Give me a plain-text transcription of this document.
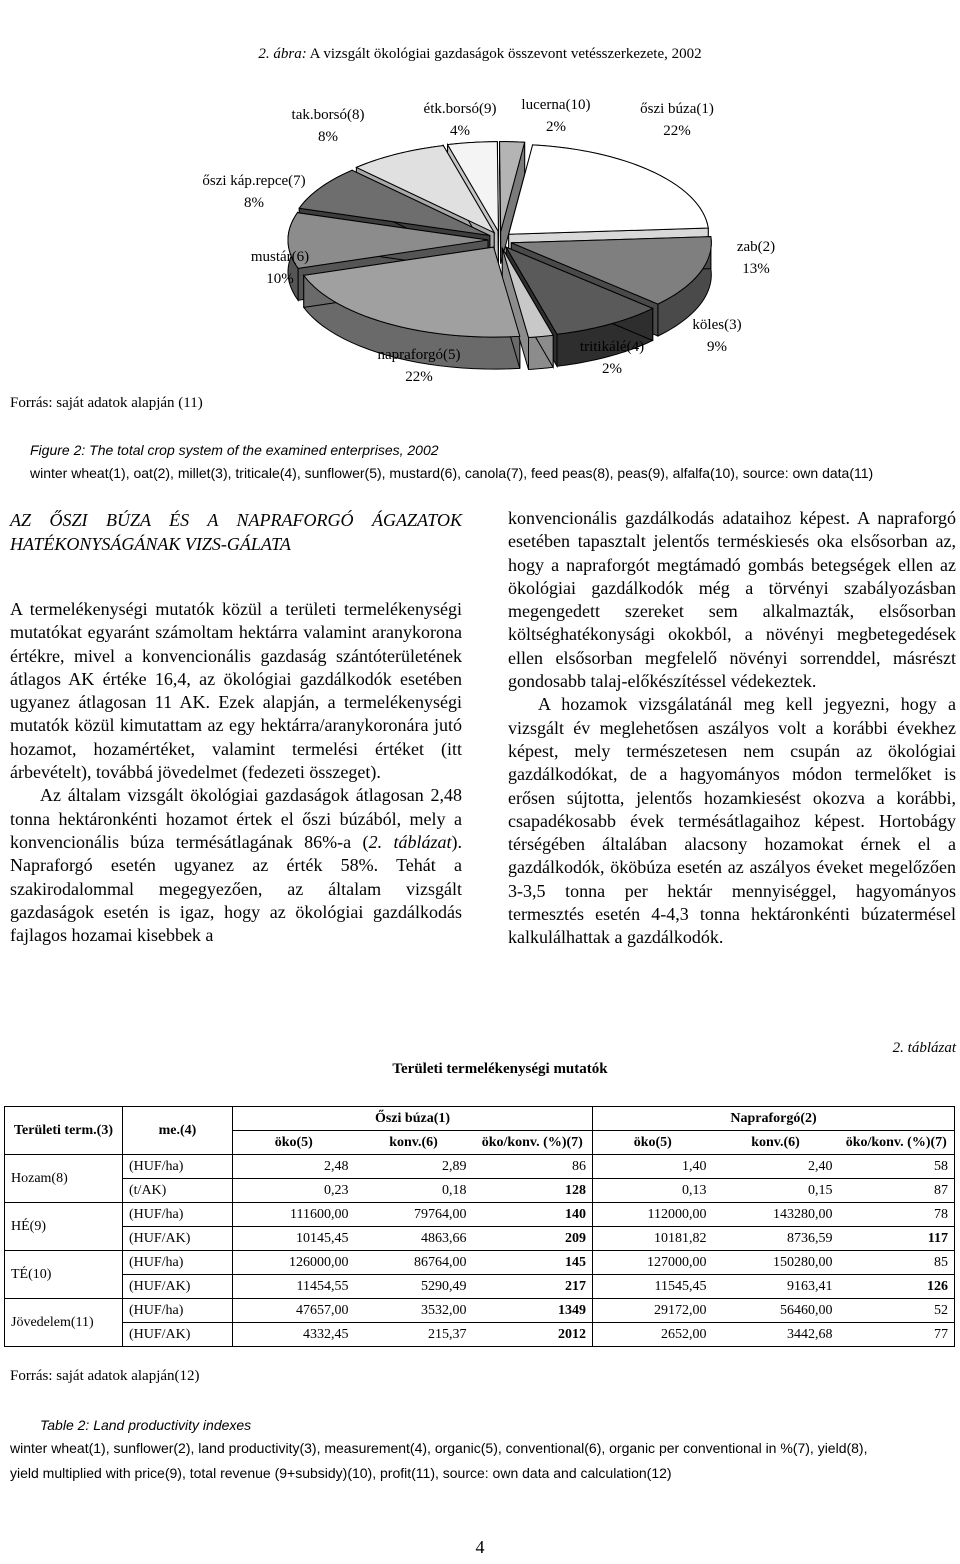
2. ábra: A vizsgált ökológiai gazdaságok összevont vetésszerkezete, 2002
tak.borsó(8)
8%
étk.borsó(9)
4%
lucerna(10)
2%
őszi búza(1)
22%
őszi káp.repce(7)
8%
mustár(6)
10%
zab(2)
13%
köles(3)
9%
napraforgó(5)
22%
tritikálé(4)
2%
Forrás: saját adatok alapján (11)
Figure 2: The total crop system of the examined enterprises, 2002
winter wheat(1), oat(2), millet(3), triticale(4), sunflower(5), mustard(6), canola(7), feed peas(8), peas(9), alfalfa(10), source: own data(11)
AZ ŐSZI BÚZA ÉS A NAPRAFORGÓ ÁGAZATOK HATÉKONYSÁGÁNAK VIZS-GÁLATA

A termelékenységi mutatók közül a területi termelékenységi mutatókat egyaránt számoltam hektárra valamint aranykorona értékre, mivel a konvencionális gazdaság szántóterületének átlagos AK értéke 16,4, az ökológiai gazdálkodók esetében ugyanez átlagosan 11 AK. Ezek alapján, a termelékenységi mutatók közül kimutattam az egy hektárra/aranykoronára jutó hozamot, hozamértéket, valamint termelési értéket (itt árbevételt), továbbá jövedelmet (fedezeti összeget).

Az általam vizsgált ökológiai gazdaságok átlagosan 2,48 tonna hektáronkénti hozamot értek el őszi búzából, mely a konvencionális búza termésátlagának 86%-a (2. táblázat). Napraforgó esetén ugyanez az érték 58%. Tehát a szakirodalommal megegyezően, az általam vizsgált gazdaságok esetén is igaz, hogy az ökológiai gazdálkodás fajlagos hozamai kisebbek a

konvencionális gazdálkodás adataihoz képest. A napraforgó esetében tapasztalt jelentős terméskiesés oka elsősorban az, hogy a napraforgót megtámadó gombás betegségek ellen az ökológiai gazdálkodók még a törvényi szabályozásban megengedett szereket sem alkalmazták, elsősorban költséghatékonysági okokból, a növényi megbetegedések ellen elsősorban megfelelő növényi sorrenddel, másrészt gondosabb talaj-előkészítéssel védekeztek.

A hozamok vizsgálatánál meg kell jegyezni, hogy a vizsgált év meglehetősen aszályos volt a korábbi évekhez képest, mely természetesen nem csupán az ökológiai gazdálkodókat, de a hagyományos módon termelőket is erősen sújtotta, jelentős hozamkiesést okozva a korábbi, csapadékosabb évek termésátlagaihoz képest. Hortobágy térségében általában alacsony hozamokat érnek el a gazdálkodók, ököbúza esetén az aszályos éveket megelőzően 3-3,5 tonna per hektár mennyiséggel, hagyományos termesztés esetén 4-4,3 tonna hektáronkénti búzatermésel kalkulálhattak a gazdálkodók.

2. táblázat
Területi termelékenységi mutatók
Területi term.(3)	me.(4)	Őszi búza(1)			Napraforgó(2)		
		öko(5)	konv.(6)	öko/konv. (%)(7)	öko(5)	konv.(6)	öko/konv. (%)(7)

Hozam(8)	(HUF/ha)	2,48	2,89	86	1,40	2,40	58
	(t/AK)	0,23	0,18	128	0,13	0,15	87
HÉ(9)	(HUF/ha)	111600,00	79764,00	140	112000,00	143280,00	78
	(HUF/AK)	10145,45	4863,66	209	10181,82	8736,59	117
TÉ(10)	(HUF/ha)	126000,00	86764,00	145	127000,00	150280,00	85
	(HUF/AK)	11454,55	5290,49	217	11545,45	9163,41	126
Jövedelem(11)	(HUF/ha)	47657,00	3532,00	1349	29172,00	56460,00	52
	(HUF/AK)	4332,45	215,37	2012	2652,00	3442,68	77
Forrás: saját adatok alapján(12)
Table 2: Land productivity indexes
winter wheat(1), sunflower(2), land productivity(3), measurement(4), organic(5), conventional(6), organic per conventional in %(7), yield(8),
yield multiplied with price(9), total revenue (9+subsidy)(10), profit(11), source: own data and calculation(12)
4
